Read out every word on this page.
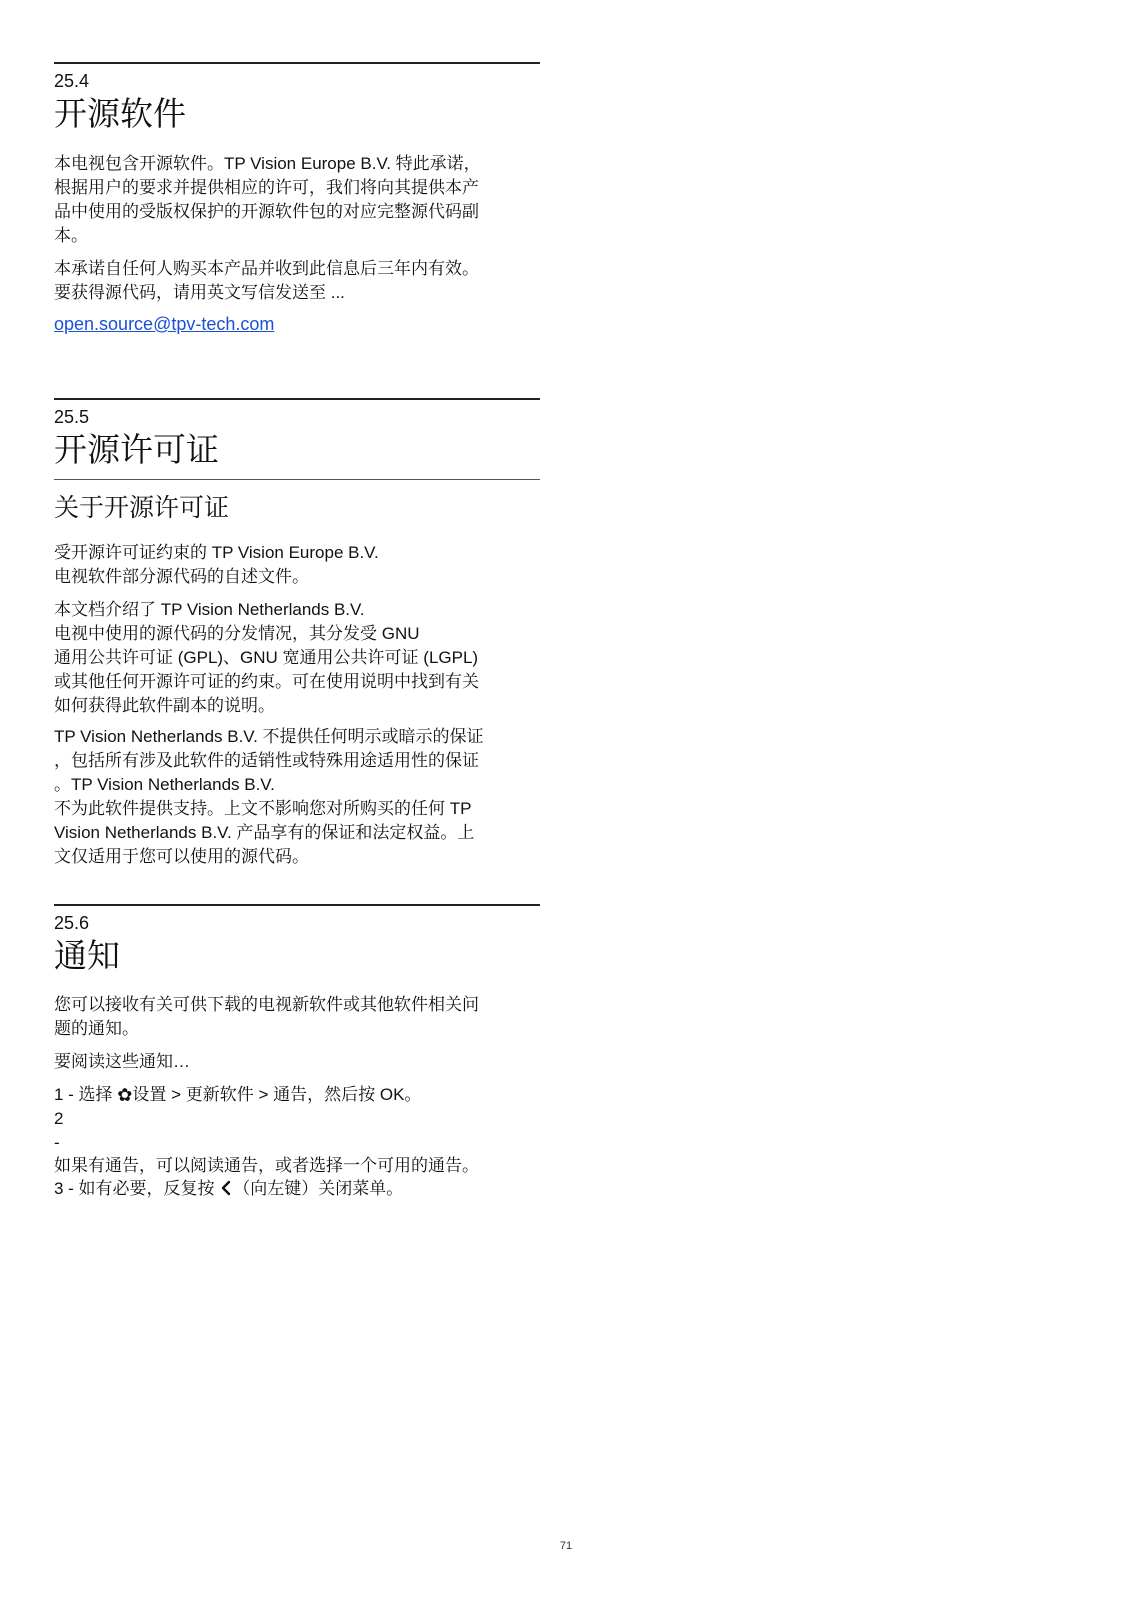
25.4
开源软件
本电视包含开源软件。TP Vision Europe B.V. 特此承诺，
根据用户的要求并提供相应的许可，我们将向其提供本产
品中使用的受版权保护的开源软件包的对应完整源代码副
本。
本承诺自任何人购买本产品并收到此信息后三年内有效。
要获得源代码，请用英文写信发送至 ...
open.source@tpv-tech.com
25.5
开源许可证
关于开源许可证
受开源许可证约束的 TP Vision Europe B.V.
电视软件部分源代码的自述文件。
本文档介绍了 TP Vision Netherlands B.V.
电视中使用的源代码的分发情况，其分发受 GNU
通用公共许可证 (GPL)、GNU 宽通用公共许可证 (LGPL)
或其他任何开源许可证的约束。可在使用说明中找到有关
如何获得此软件副本的说明。
TP Vision Netherlands B.V. 不提供任何明示或暗示的保证
，包括所有涉及此软件的适销性或特殊用途适用性的保证
。TP Vision Netherlands B.V.
不为此软件提供支持。上文不影响您对所购买的任何 TP
Vision Netherlands B.V. 产品享有的保证和法定权益。上
文仅适用于您可以使用的源代码。
25.6
通知
您可以接收有关可供下载的电视新软件或其他软件相关问
题的通知。
要阅读这些通知…
1 - 选择 ✿设置 > 更新软件 > 通告，然后按 OK。
2
-
如果有通告，可以阅读通告，或者选择一个可用的通告。
3 - 如有必要，反复按 （向左键）关闭菜单。
71
